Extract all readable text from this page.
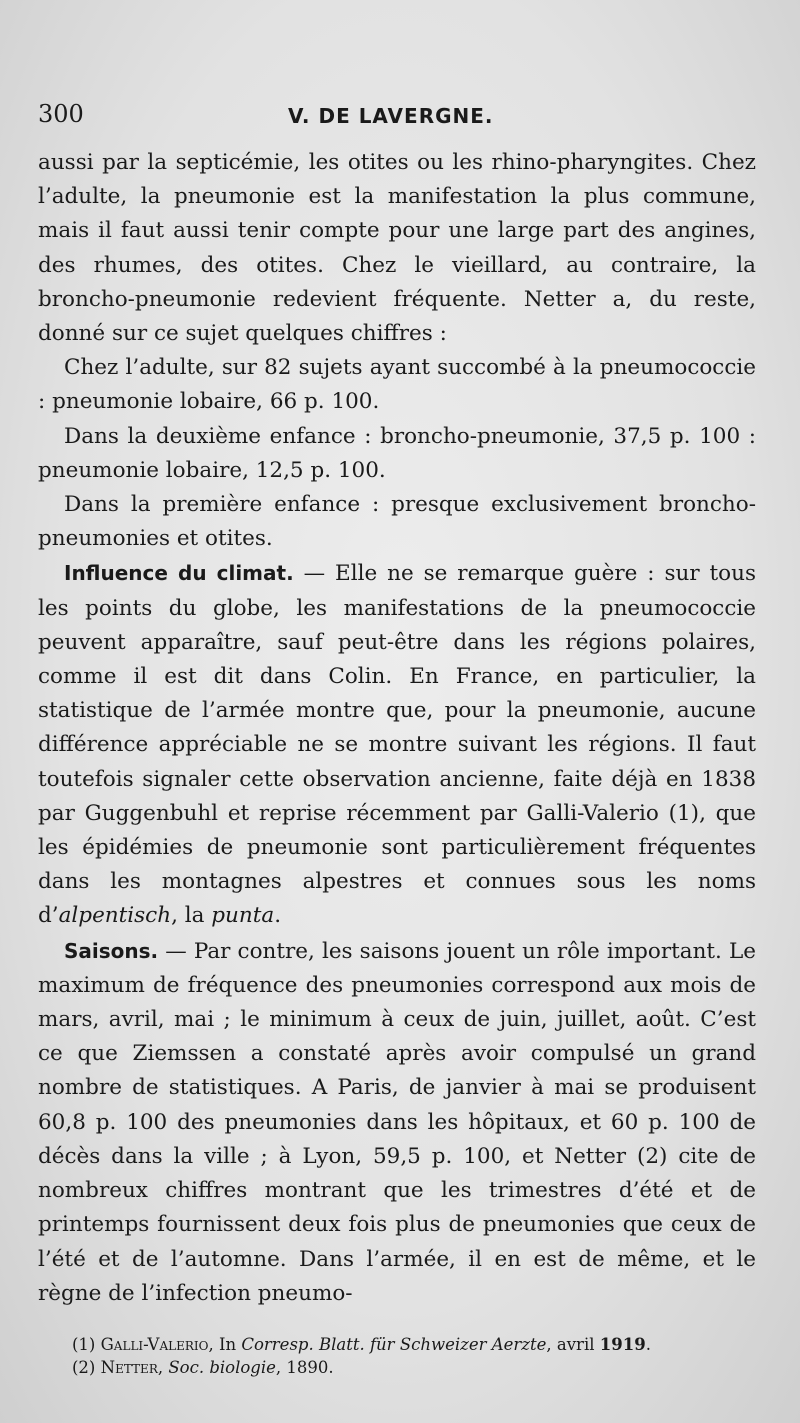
300	V. DE LAVERGNE.

aussi par la septicémie, les otites ou les rhino-pharyngites. Chez l’adulte, la pneumonie est la manifestation la plus commune, mais il faut aussi tenir compte pour une large part des angines, des rhumes, des otites. Chez le vieillard, au contraire, la broncho-pneumonie redevient fréquente. Netter a, du reste, donné sur ce sujet quelques chiffres :

Chez l’adulte, sur 82 sujets ayant succombé à la pneumococcie : pneumonie lobaire, 66 p. 100.

Dans la deuxième enfance : broncho-pneumonie, 37,5 p. 100 : pneumonie lobaire, 12,5 p. 100.

Dans la première enfance : presque exclusivement broncho-pneumonies et otites.

Influence du climat. — Elle ne se remarque guère : sur tous les points du globe, les manifestations de la pneumococcie peuvent apparaître, sauf peut-être dans les régions polaires, comme il est dit dans Colin. En France, en particulier, la statistique de l’armée montre que, pour la pneumonie, aucune différence appréciable ne se montre suivant les régions. Il faut toutefois signaler cette observation ancienne, faite déjà en 1838 par Guggenbuhl et reprise récemment par Galli-Valerio (1), que les épidémies de pneumonie sont particulièrement fréquentes dans les montagnes alpestres et connues sous les noms d’alpentisch, la punta.

Saisons. — Par contre, les saisons jouent un rôle important. Le maximum de fréquence des pneumonies correspond aux mois de mars, avril, mai ; le minimum à ceux de juin, juillet, août. C’est ce que Ziemssen a constaté après avoir compulsé un grand nombre de statistiques. A Paris, de janvier à mai se produisent 60,8 p. 100 des pneumonies dans les hôpitaux, et 60 p. 100 de décès dans la ville ; à Lyon, 59,5 p. 100, et Netter (2) cite de nombreux chiffres montrant que les trimestres d’été et de printemps fournissent deux fois plus de pneumonies que ceux de l’été et de l’automne. Dans l’armée, il en est de même, et le règne de l’infection pneumo-

(1) Galli-Valerio, In Corresp. Blatt. für Schweizer Aerzte, avril 1919.

(2) Netter, Soc. biologie, 1890.
